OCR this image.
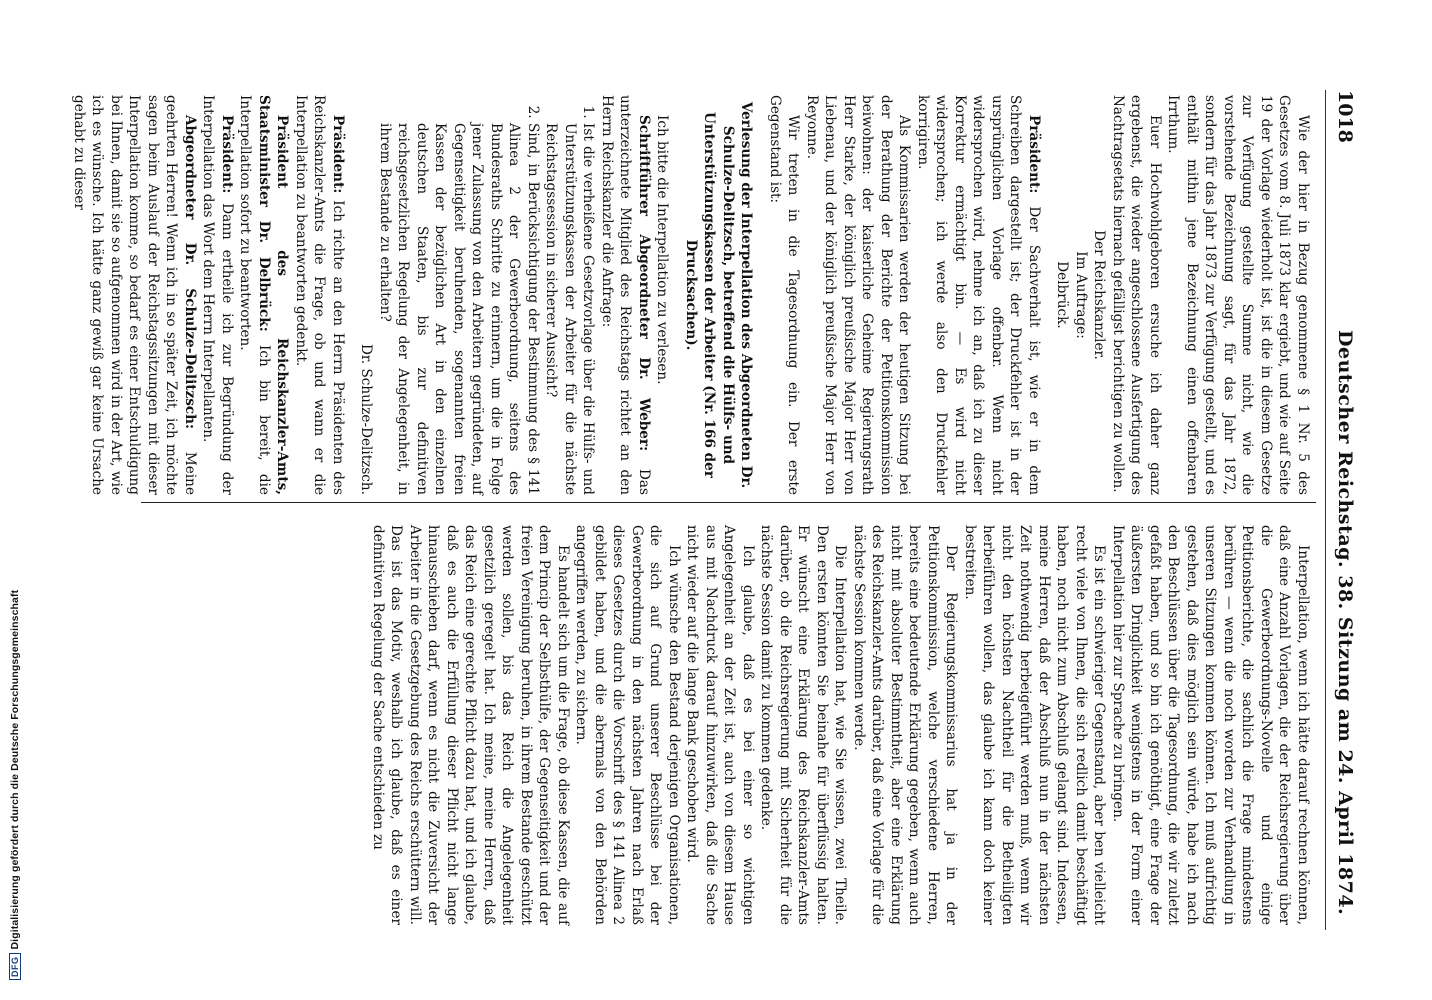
DFGDigitalisierung gefördert durch die Deutsche Forschungsgemeinschaft
1018
Deutscher Reichstag. 38. Sitzung am 24. April 1874.

Wie der hier in Bezug genommene § 1 Nr. 5 des Gesetzes vom 8. Juli 1873 klar ergiebt, und wie auf Seite 19 der Vorlage wiederholt ist, ist die in diesem Gesetze zur Verfügung gestellte Summe nicht, wie die vorstehende Bezeichnung sagt, für das Jahr 1872, sondern für das Jahr 1873 zur Verfügung gestellt, und es enthält mithin jene Bezeichnung einen offenbaren Irrthum.

Euer Hochwohlgeboren ersuche ich daher ganz ergebenst, die wieder angeschlossene Ausfertigung des Nachtragsetats hiernach gefälligst berichtigen zu wollen.

Der Reichskanzler.

Im Auftrage:

Delbrück.

Präsident: Der Sachverhalt ist, wie er in dem Schreiben dargestellt ist; der Druckfehler ist in der ursprünglichen Vorlage offenbar. Wenn nicht widersprochen wird, nehme ich an, daß ich zu dieser Korrektur ermächtigt bin. — Es wird nicht widersprochen; ich werde also den Druckfehler korrigiren.

Als Kommissarien werden der heutigen Sitzung bei der Berathung der Berichte der Petitionskommission beiwohnen: der kaiserliche Geheime Regierungsrath Herr Starke, der königlich preußische Major Herr von Liebenau, und der königlich preußische Major Herr von Reyonne.

Wir treten in die Tagesordnung ein. Der erste Gegenstand ist:

Verlesung der Interpellation des Abgeordneten Dr. Schulze-Delitzsch, betreffend die Hülfs- und Unterstützungskassen der Arbeiter (Nr. 166 der Drucksachen).

Ich bitte die Interpellation zu verlesen.

Schriftführer Abgeordneter Dr. Weber: Das unterzeichnete Mitglied des Reichstags richtet an den Herrn Reichskanzler die Anfrage:

1. Ist die verheißene Gesetzvorlage über die Hülfs- und Unterstützungskassen der Arbeiter für die nächste Reichstagssession in sicherer Aussicht?
2. Sind, in Berücksichtigung der Bestimmung des § 141 Alinea 2 der Gewerbeordnung, seitens des Bundesraths Schritte zu erinnern, um die in Folge jener Zulassung von den Arbeitern gegründeten, auf Gegenseitigkeit beruhenden, sogenannten freien Kassen der bezüglichen Art in den einzelnen deutschen Staaten, bis zur definitiven reichsgesetzlichen Regelung der Angelegenheit, in ihrem Bestande zu erhalten?

Dr. Schulze-Delitzsch.

Präsident: Ich richte an den Herrn Präsidenten des Reichskanzler-Amts die Frage, ob und wann er die Interpellation zu beantworten gedenkt.

Präsident des Reichskanzler-Amts, Staatsminister Dr. Delbrück: Ich bin bereit, die Interpellation sofort zu beantworten.

Präsident: Dann ertheile ich zur Begründung der Interpellation das Wort dem Herrn Interpellanten.

Abgeordneter Dr. Schulze-Delitzsch: Meine geehrten Herren! Wenn ich in so später Zeit, ich möchte sagen beim Auslauf der Reichstagssitzungen mit dieser Interpellation komme, so bedarf es einer Entschuldigung bei Ihnen, damit sie so aufgenommen wird in der Art, wie ich es wünsche. Ich hätte ganz gewiß gar keine Ursache gehabt zu dieser

Interpellation, wenn ich hätte darauf rechnen können, daß eine Anzahl Vorlagen, die der Reichsregierung über die Gewerbeordnungs-Novelle und einige Petitionsberichte, die sachlich die Frage mindestens berühren — wenn die noch worden zur Verhandlung in unseren Sitzungen kommen können. Ich muß aufrichtig gestehen, daß dies möglich sein würde, habe ich nach den Beschlüssen über die Tagesordnung, die wir zuletzt gefaßt haben, und so bin ich genöthigt, eine Frage der äußersten Dringlichkeit wenigstens in der Form einer Interpellation hier zur Sprache zu bringen.

Es ist ein schwieriger Gegenstand, aber ben vielleicht recht viele von Ihnen, die sich redlich damit beschäftigt haben, noch nicht zum Abschluß gelangt sind. Indessen, meine Herren, daß der Abschluß nun in der nächsten Zeit nothwendig herbeigeführt werden muß, wenn wir nicht den höchsten Nachtheil für die Betheiligten herbeiführen wollen, das glaube ich kann doch keiner bestreiten.

Der Regierungskommissarius hat ja in der Petitionskommission, welche verschiedene Herren, bereits eine bedeutende Erklärung gegeben, wenn auch nicht mit absoluter Bestimmtheit, aber eine Erklärung des Reichskanzler-Amts darüber, daß eine Vorlage für die nächste Session kommen werde.

Die Interpellation hat, wie Sie wissen, zwei Theile. Den ersten könnten Sie beinahe für überflüssig halten. Er wünscht eine Erklärung des Reichskanzler-Amts darüber, ob die Reichsregierung mit Sicherheit für die nächste Session damit zu kommen gedenke.

Ich glaube, daß es bei einer so wichtigen Angelegenheit an der Zeit ist, auch von diesem Hause aus mit Nachdruck darauf hinzuwirken, daß die Sache nicht wieder auf die lange Bank geschoben wird.

Ich wünsche den Bestand derjenigen Organisationen, die sich auf Grund unserer Beschlüsse bei der Gewerbeordnung in den nächsten Jahren nach Erlaß dieses Gesetzes durch die Vorschrift des § 141 Alinea 2 gebildet haben, und die abermals von den Behörden angegriffen werden, zu sichern.

Es handelt sich um die Frage, ob diese Kassen, die auf dem Princip der Selbsthülfe, der Gegenseitigkeit und der freien Vereinigung beruhen, in ihrem Bestande geschützt werden sollen, bis das Reich die Angelegenheit gesetzlich geregelt hat. Ich meine, meine Herren, daß das Reich eine gerechte Pflicht dazu hat, und ich glaube, daß es auch die Erfüllung dieser Pflicht nicht lange hinausschieben darf, wenn es nicht die Zuversicht der Arbeiter in die Gesetzgebung des Reichs erschüttern will. Das ist das Motiv, weshalb ich glaube, daß es einer definitiven Regelung der Sache entschieden zu
